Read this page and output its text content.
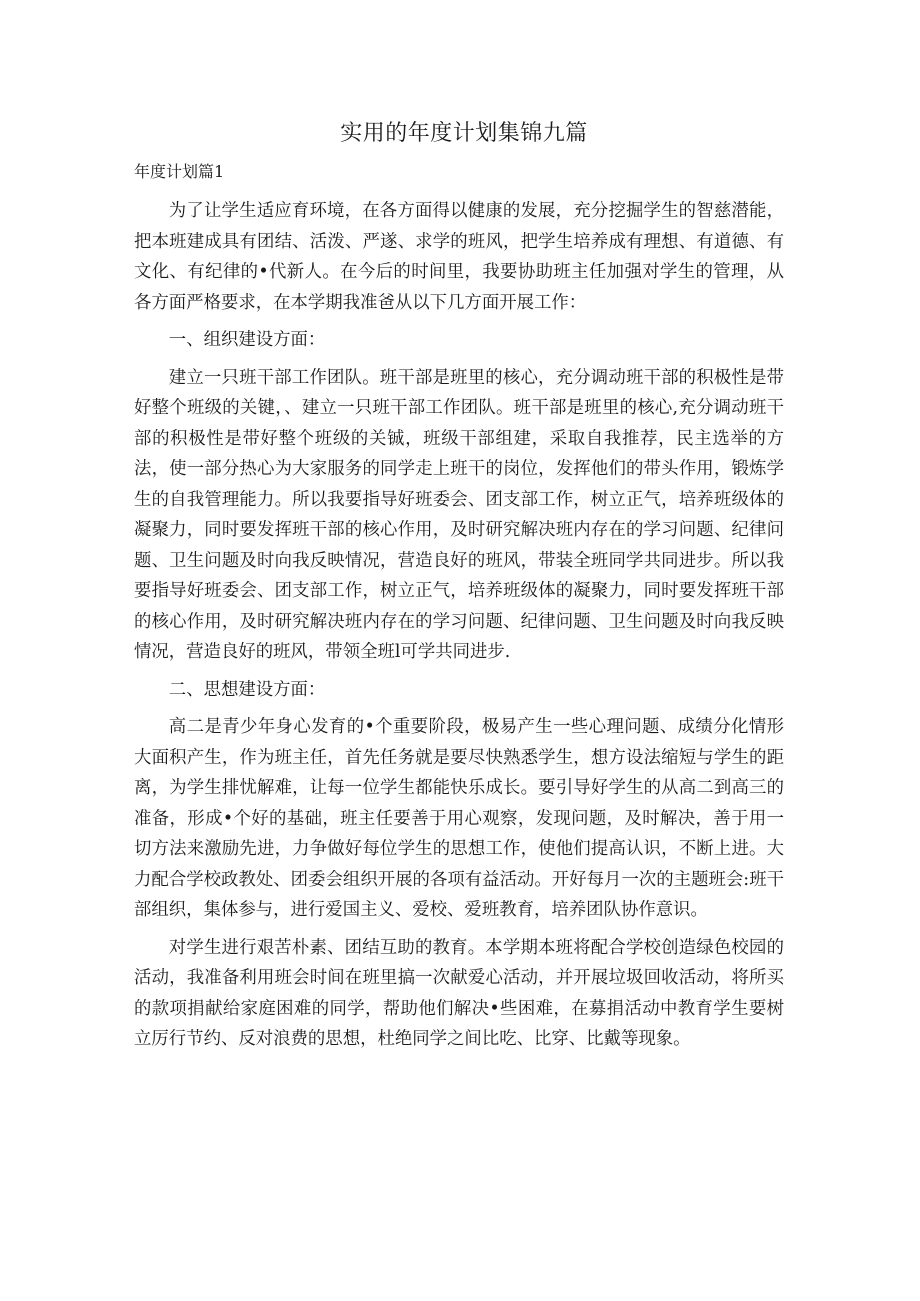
实用的年度计划集锦九篇

年度计划篇1

为了让学生适应育环境，在各方面得以健康的发展，充分挖掘学生的智慈潜能，把本班建成具有团结、活泼、严遂、求学的班风，把学生培养成有理想、有道德、有文化、有纪律的•代新人。在今后的时间里，我要协助班主任加强对学生的管理，从各方面严格要求，在本学期我准爸从以下几方面开展工作：

一、组织建设方面：

建立一只班干部工作团队。班干部是班里的核心，充分调动班干部的积极性是带好整个班级的关键，、建立一只班干部工作团队。班干部是班里的核心,充分调动班干部的积极性是带好整个班级的关铖，班级干部组建，采取自我推荐，民主选举的方法，使一部分热心为大家服务的同学走上班干的岗位，发挥他们的带头作用，锻炼学生的自我管理能力。所以我要指导好班委会、团支部工作，树立正气，培养班级体的凝聚力，同时要发挥班干部的核心作用，及时研究解决班内存在的学习问题、纪律问题、卫生问题及时向我反映情况，营造良好的班风，带装全班同学共同进步。所以我要指导好班委会、团支部工作，树立正气，培养班级体的凝聚力，同时要发挥班干部的核心作用，及时研究解决班内存在的学习问题、纪律问题、卫生问题及时向我反映情况，营造良好的班风，带领全班l可学共同进步.

二、思想建设方面：

高二是青少年身心发育的•个重要阶段，极易产生一些心理问题、成绩分化情形大面积产生，作为班主任，首先任务就是要尽快熟悉学生，想方设法缩短与学生的距离，为学生排忧解难，让每一位学生都能快乐成长。要引导好学生的从高二到高三的准备，形成•个好的基础，班主任要善于用心观察，发现问题，及时解决，善于用一切方法来激励先进，力争做好每位学生的思想工作，使他们提高认识，不断上进。大力配合学校政教处、团委会组织开展的各项有益活动。开好每月一次的主题班会:班干部组织，集体参与，进行爱国主义、爱校、爱班教育，培养团队协作意识。

对学生进行艰苦朴素、团结互助的教育。本学期本班将配合学校创造绿色校园的活动，我准备利用班会时间在班里搞一次献爱心活动，并开展垃圾回收活动，将所买的款项捐献给家庭困难的同学，帮助他们解决•些困难，在募捐活动中教育学生要树立厉行节约、反对浪费的思想，杜绝同学之间比吃、比穿、比戴等现象。
